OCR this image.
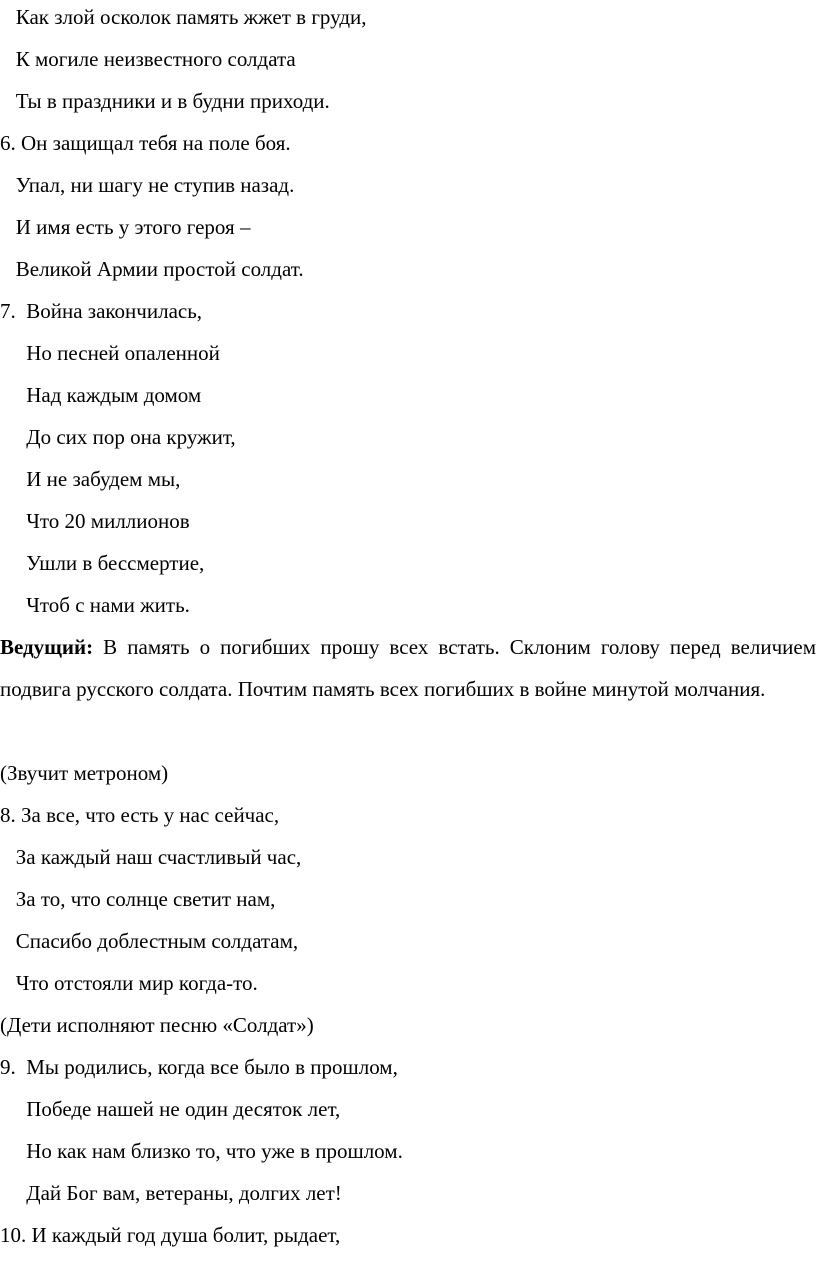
Как злой осколок память жжет в груди,

К могиле неизвестного солдата

Ты в праздники и в будни приходи.

6. Он защищал тебя на поле боя.

Упал, ни шагу не ступив назад.

И имя есть у этого героя –

Великой Армии простой солдат.

7.  Война закончилась,

Но песней опаленной

Над каждым домом

До сих пор она кружит,

И не забудем мы,

Что 20 миллионов

Ушли в бессмертие,

Чтоб с нами жить.

Ведущий: В память о погибших прошу всех встать. Склоним голову перед величием подвига русского солдата. Почтим память всех погибших в войне минутой молчания.

(Звучит метроном)

8. За все, что есть у нас сейчас,

За каждый наш счастливый час,

За то, что солнце светит нам,

Спасибо доблестным солдатам,

Что отстояли мир когда-то.

(Дети исполняют песню «Солдат»)

9.  Мы родились, когда все было в прошлом,

Победе нашей не один десяток лет,

Но как нам близко то, что уже в прошлом.

Дай Бог вам, ветераны, долгих лет!

10. И каждый год душа болит, рыдает,
